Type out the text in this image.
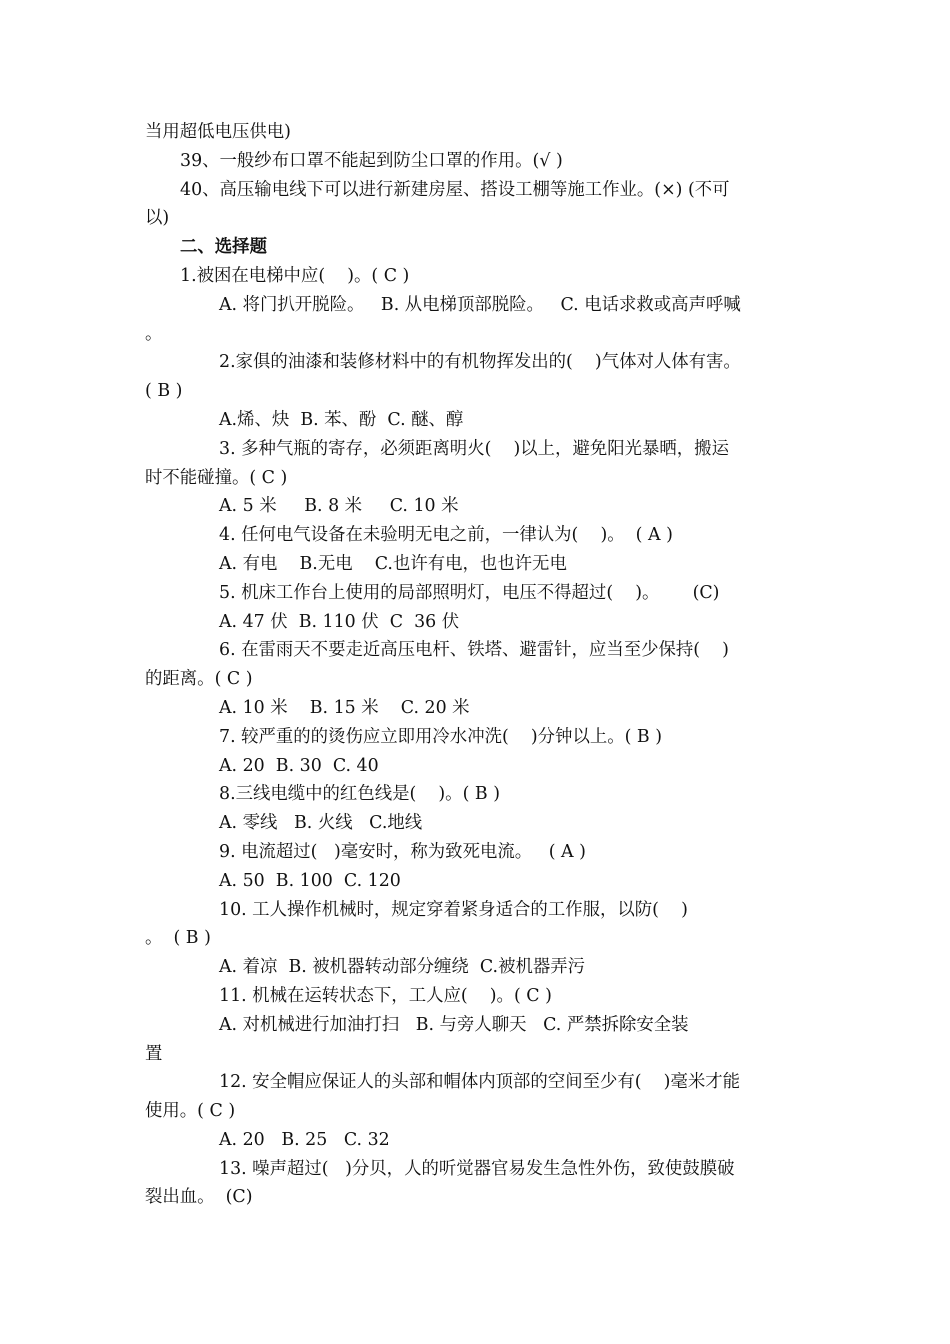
当用超低电压供电)
39、一般纱布口罩不能起到防尘口罩的作用。(√ )
40、高压输电线下可以进行新建房屋、搭设工棚等施工作业。(×) (不可
以)
二、选择题
1.被困在电梯中应(    )。( C )
A. 将门扒开脱险。   B. 从电梯顶部脱险。   C. 电话求救或高声呼喊
。
2.家俱的油漆和装修材料中的有机物挥发出的(    )气体对人体有害。
( B )
A.烯、炔  B. 苯、酚  C. 醚、醇
3. 多种气瓶的寄存，必须距离明火(    )以上，避免阳光暴晒，搬运
时不能碰撞。( C )
A. 5 米     B. 8 米     C. 10 米
4. 任何电气设备在未验明无电之前，一律认为(    )。  ( A )
A. 有电    B.无电    C.也许有电，也也许无电
5. 机床工作台上使用的局部照明灯，电压不得超过(    )。      (C)
A. 47 伏  B. 110 伏  C  36 伏
6. 在雷雨天不要走近高压电杆、铁塔、避雷针，应当至少保持(    )
的距离。( C )
A. 10 米    B. 15 米    C. 20 米
7. 较严重的的烫伤应立即用冷水冲洗(    )分钟以上。( B )
A. 20  B. 30  C. 40
8.三线电缆中的红色线是(    )。( B )
A. 零线   B. 火线   C.地线
9. 电流超过(   )毫安时，称为致死电流。   ( A )
A. 50  B. 100  C. 120
10. 工人操作机械时，规定穿着紧身适合的工作服，以防(    )
。  ( B )
A. 着凉  B. 被机器转动部分缠绕  C.被机器弄污
11. 机械在运转状态下，工人应(    )。( C )
A. 对机械进行加油打扫   B. 与旁人聊天   C. 严禁拆除安全装
置
12. 安全帽应保证人的头部和帽体内顶部的空间至少有(    )毫米才能
使用。( C )
A. 20   B. 25   C. 32
13. 噪声超过(   )分贝，人的听觉器官易发生急性外伤，致使鼓膜破
裂出血。  (C)
